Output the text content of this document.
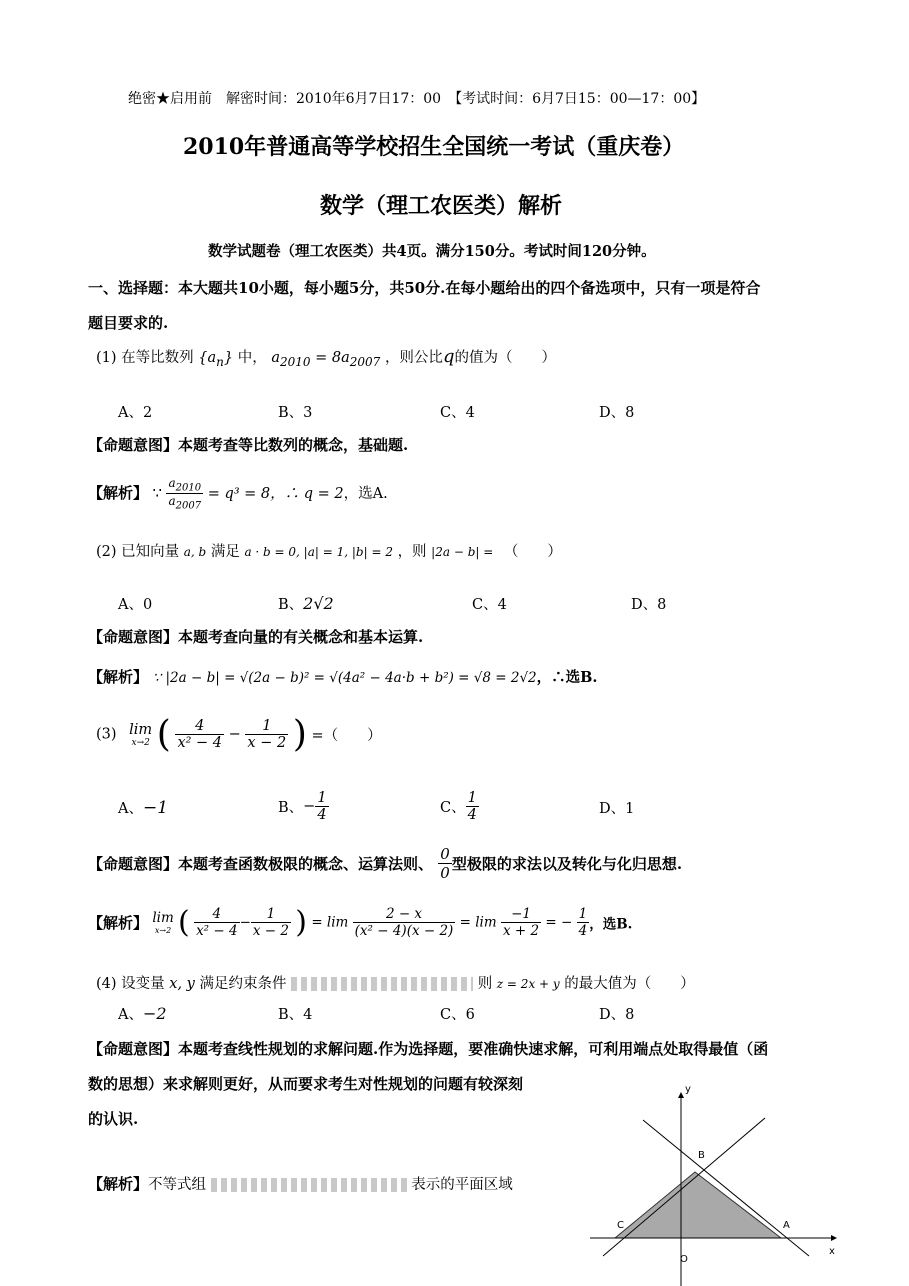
绝密★启用前　解密时间：2010年6月7日17：00　【考试时间：6月7日15：00—17：00】
2010年普通高等学校招生全国统一考试（重庆卷）
数学（理工农医类）解析
数学试题卷（理工农医类）共4页。满分150分。考试时间120分钟。
一、选择题：本大题共10小题，每小题5分，共50分.在每小题给出的四个备选项中，只有一项是符合
题目要求的.
(1) 在等比数列 $\{a_n\}$ 中， $a_{2010} = 8a_{2007}$ ，则公比q的值为（　　）
A、2	B、3	C、4	D、8
【命题意图】本题考查等比数列的概念，基础题.
【解析】 ∵ $\frac{a_{2010}}{a_{2007}} = q^3 = 8$，∴ q = 2，选A.
(2) 已知向量 a, b 满足 a · b = 0, |a| = 1, |b| = 2 ，则 |2a − b| = （　　）
A、0	B、2√2	C、4	D、8
【命题意图】本题考查向量的有关概念和基本运算.
【解析】 ∵ |2a − b| = √(2a − b)² = √(4a² − 4a·b + b²) = √8 = 2√2，∴选B.
(3) lim
x→2 ( $\frac{4}{\text{x² − 4}} - \frac{1}{x - 2}$ ) =（　　）
A、−1	B、− $\frac{1}{4}$	C、 $\frac{1}{4}$	D、1
【命题意图】本题考查函数极限的概念、运算法则、 $\frac{0}{0}$ 型极限的求法以及转化与化归思想.
【解析】 lim
x→2 ( $\frac{4}{\text{x² − 4}} - \frac{1}{x - 2}$ ) = $\lim \frac{2 - x}{\text{(x² − 4)(x − 2)}} = \lim \frac{-1}{x + 2}$ = − $\frac{1}{4}$ ，选B.
(4) 设变量 x, y 满足约束条件	则 z = 2x + y 的最大值为（　　）
A、−2	B、4	C、6	D、8
【命题意图】本题考查线性规划的求解问题.作为选择题，要准确快速求解，可利用端点处取得最值（函
数的思想）来求解则更好，从而要求考生对性规划的问题有较深刻
的认识.
【解析】不等式组	表示的平面区域
y
x
B
C	A
O
